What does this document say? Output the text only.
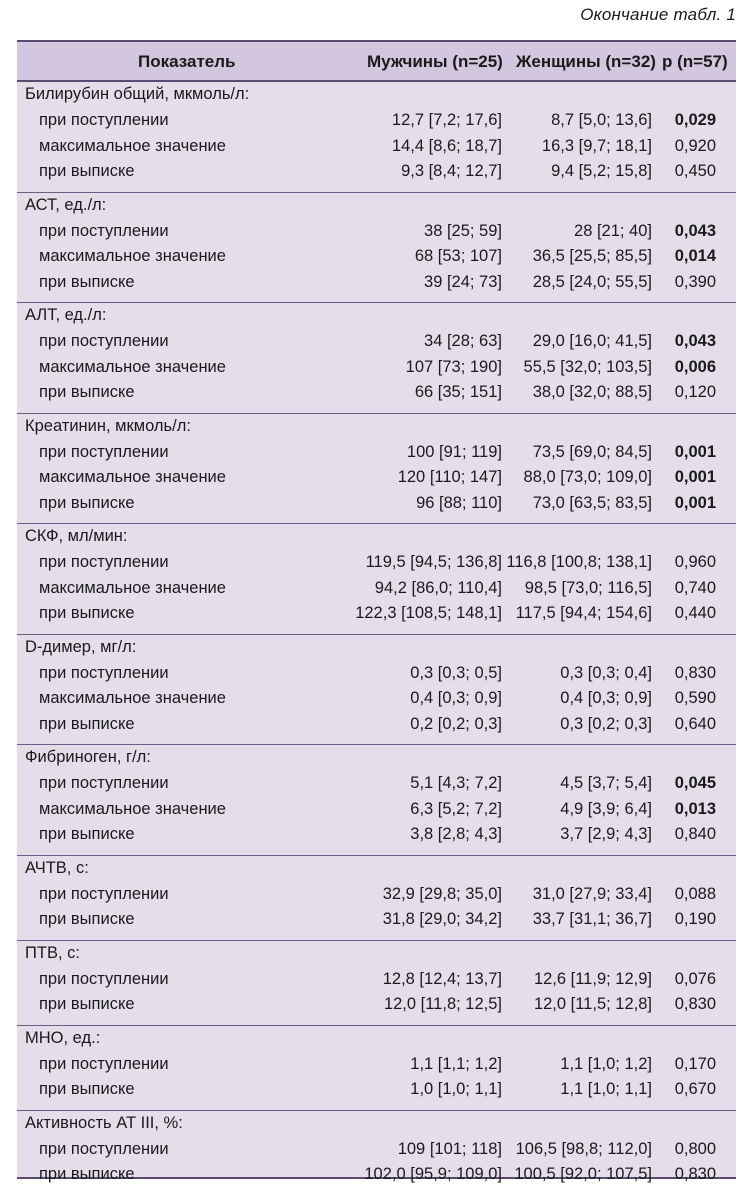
Окончание табл. 1
Показатель	Мужчины (n=25) Женщины (n=32) p (n=57)
Билирубин общий, мкмоль/л:
при поступлении	12,7 [7,2; 17,6]	8,7 [5,0; 13,6] 0,029
максимальное значение	14,4 [8,6; 18,7] 16,3 [9,7; 18,1] 0,920
при выписке	9,3 [8,4; 12,7]	9,4 [5,2; 15,8] 0,450
АСТ, ед./л:
при поступлении	38 [25; 59]	28 [21; 40] 0,043
максимальное значение	68 [53; 107] 36,5 [25,5; 85,5] 0,014
при выписке	39 [24; 73] 28,5 [24,0; 55,5] 0,390
АЛТ, ед./л:
при поступлении	34 [28; 63] 29,0 [16,0; 41,5] 0,043
максимальное значение	107 [73; 190] 55,5 [32,0; 103,5] 0,006
при выписке	66 [35; 151] 38,0 [32,0; 88,5] 0,120
Креатинин, мкмоль/л:
при поступлении	100 [91; 119] 73,5 [69,0; 84,5] 0,001
максимальное значение	120 [110; 147] 88,0 [73,0; 109,0] 0,001
при выписке	96 [88; 110] 73,0 [63,5; 83,5] 0,001
СКФ, мл/мин:
при поступлении	119,5 [94,5; 136,8] 116,8 [100,8; 138,1] 0,960
максимальное значение	94,2 [86,0; 110,4] 98,5 [73,0; 116,5] 0,740
при выписке	122,3 [108,5; 148,1] 117,5 [94,4; 154,6] 0,440
D-димер, мг/л:
при поступлении	0,3 [0,3; 0,5]	0,3 [0,3; 0,4] 0,830
максимальное значение	0,4 [0,3; 0,9]	0,4 [0,3; 0,9] 0,590
при выписке	0,2 [0,2; 0,3]	0,3 [0,2; 0,3] 0,640
Фибриноген, г/л:
при поступлении	5,1 [4,3; 7,2]	4,5 [3,7; 5,4] 0,045
максимальное значение	6,3 [5,2; 7,2]	4,9 [3,9; 6,4] 0,013
при выписке	3,8 [2,8; 4,3]	3,7 [2,9; 4,3] 0,840
АЧТВ, с:
при поступлении	32,9 [29,8; 35,0] 31,0 [27,9; 33,4] 0,088
при выписке	31,8 [29,0; 34,2] 33,7 [31,1; 36,7] 0,190
ПТВ, с:
при поступлении	12,8 [12,4; 13,7] 12,6 [11,9; 12,9] 0,076
при выписке	12,0 [11,8; 12,5] 12,0 [11,5; 12,8] 0,830
МНО, ед.:
при поступлении	1,1 [1,1; 1,2]	1,1 [1,0; 1,2] 0,170
при выписке	1,0 [1,0; 1,1]	1,1 [1,0; 1,1] 0,670
Активность АТ III, %:
при поступлении	109 [101; 118] 106,5 [98,8; 112,0] 0,800
при выписке	102,0 [95,9; 109,0] 100,5 [92,0; 107,5] 0,830
